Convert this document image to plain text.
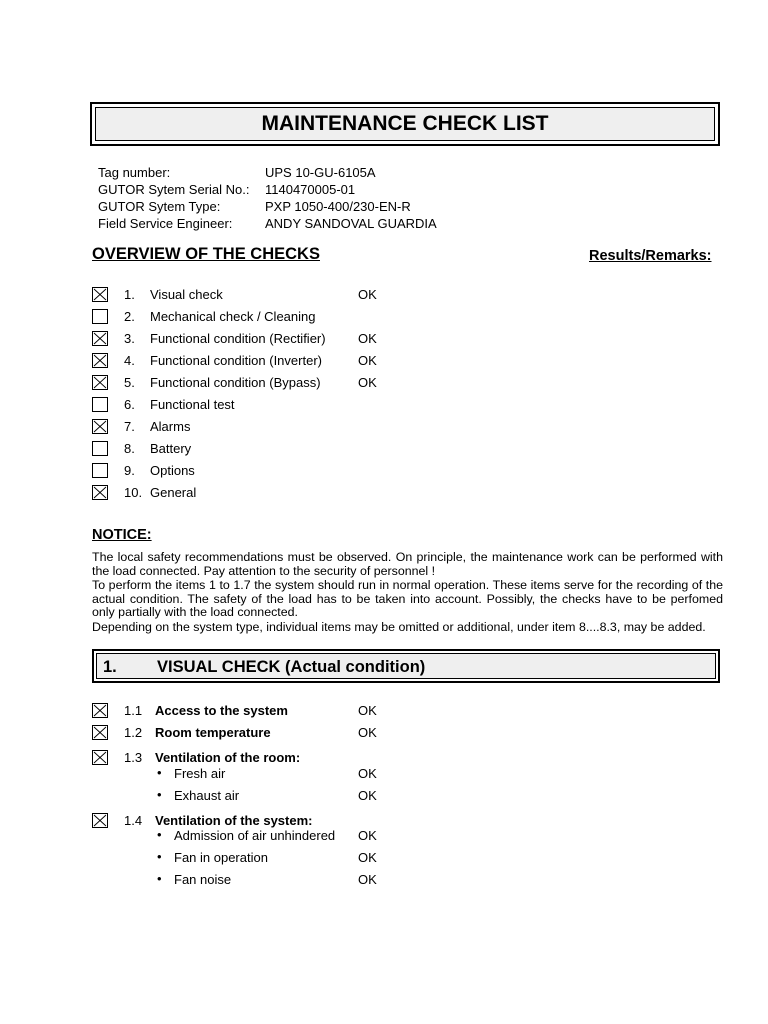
MAINTENANCE CHECK LIST
Tag number:	UPS 10-GU-6105A
GUTOR Sytem Serial No.: 1140470005-01
GUTOR Sytem Type:	PXP 1050-400/230-EN-R
Field Service Engineer:	ANDY SANDOVAL GUARDIA
OVERVIEW OF THE CHECKS	Results/Remarks:
1. Visual check	OK
2. Mechanical check / Cleaning
3. Functional condition (Rectifier) OK
4. Functional condition (Inverter)	OK
5. Functional condition (Bypass)	OK
6. Functional test
7. Alarms
8. Battery
9. Options
10. General
NOTICE:

The local safety recommendations must be observed. On principle, the maintenance work can be performed with the load connected. Pay attention to the security of personnel !

To perform the items 1 to 1.7 the system should run in normal operation. These items serve for the recording of the actual condition. The safety of the load has to be taken into account. Possibly, the checks have to be perfomed only partially with the load connected.

Depending on the system type, individual items may be omitted or additional, under item 8....8.3, may be added.

1. VISUAL CHECK (Actual condition)
1.1 Access to the system	OK
1.2 Room temperature	OK
1.3 Ventilation of the room:
• Fresh air	OK
• Exhaust air	OK
1.4 Ventilation of the system:
• Admission of air unhindered OK
• Fan in operation	OK
• Fan noise	OK
